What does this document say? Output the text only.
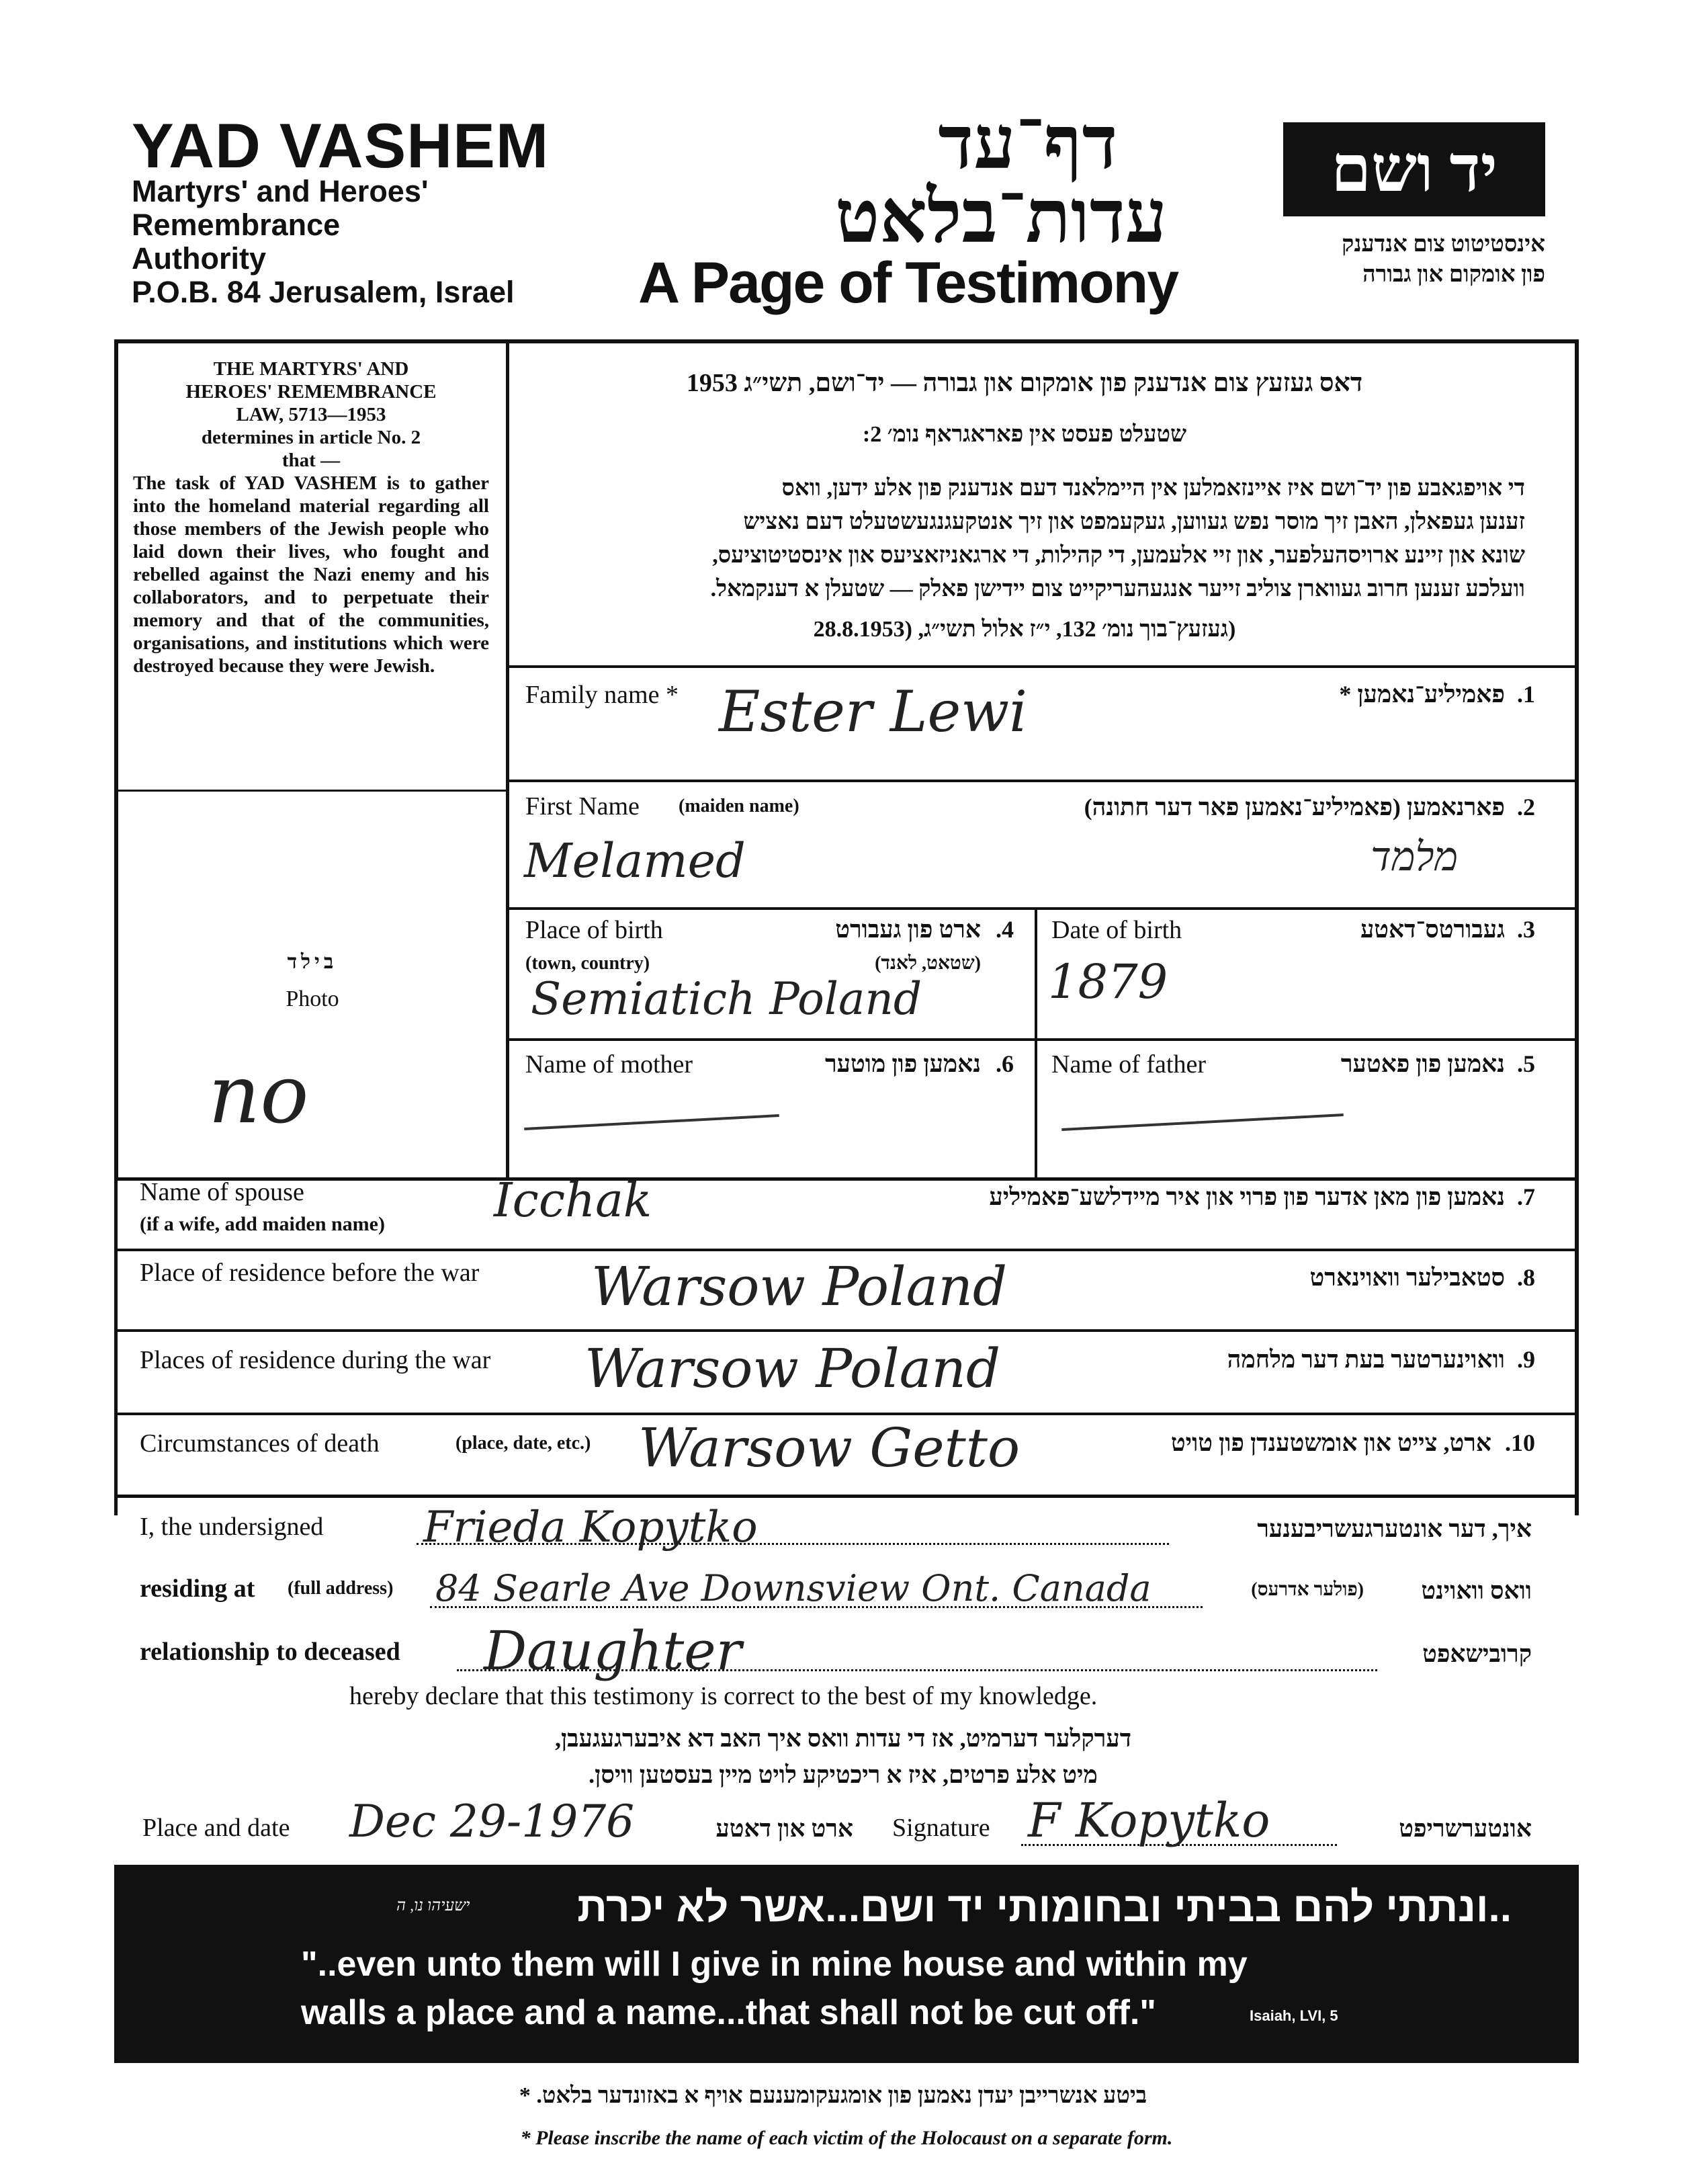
YAD VASHEM
Martyrs' and Heroes'
Remembrance
Authority
P.O.B. 84 Jerusalem, Israel
דף־עד
עדות־בלאט
A Page of Testimony
יד ושם
אינסטיטוט צום אנדענק
פון אומקום און גבורה
THE MARTYRS' AND
HEROES' REMEMBRANCE
LAW, 5713—1953
determines in article No. 2
that —
The task of YAD VASHEM is to gather into the homeland material regarding all those members of the Jewish people who laid down their lives, who fought and rebelled against the Nazi enemy and his collaborators, and to perpetuate their memory and that of the communities, organisations, and institutions which were destroyed because they were Jewish.
בילד
Photo
no
דאס געזעץ צום אנדענק פון אומקום און גבורה — יד־ושם, תשי״ג 1953
שטעלט פעסט אין פאראגראף נומ׳ 2:
די אויפגאבע פון יד־ושם איז איינזאמלען אין היימלאנד דעם אנדענק פון אלע ידען, וואס
זענען געפאלן, האבן זיך מוסר נפש געווען, געקעמפט און זיך אנטקעגנגעשטעלט דעם נאציש
שונא און זיינע ארויסהעלפער, און זיי אלעמען, די קהילות, די ארגאניזאציעס און אינסטיטוציעס,
וועלכע זענען חרוב געווארן צוליב זייער אנגעהעריקייט צום יידישן פאלק — שטעלן א דענקמאל.
(געזעץ־בוך נומ׳ 132, י״ז אלול תשי״ג, (28.8.1953
Family name *	פאמיליע־נאמען * .1
Ester Lewi
First Name (maiden name)	פארנאמען (פאמיליע־נאמען פאר דער חתונה) .2
Melamed	מלמד
Place of birth	ארט פון געבורט .4
(town, country)	(שטאט, לאנד)
Semiatich Poland
Date of birth	געבורטס־דאטע .3
1879
Name of mother	נאמען פון מוטער .6 Name of father	נאמען פון פאטער .5
Name of spouse
(if a wife, add maiden name)
נאמען פון מאן אדער פון פרוי און איר מיידלשע־פאמיליע .7
Icchak
Place of residence before the war	סטאבילער וואוינארט .8
Warsow Poland
Places of residence during the war	וואוינערטער בעת דער מלחמה .9
Warsow Poland
Circumstances of death	(place, date, etc.)	ארט, צייט און אומשטענדן פון טויט .10
Warsow Getto
I, the undersigned Frieda Kopytko	איך, דער אונטערגעשריבענער
residing at (full address) 84 Searle Ave Downsview Ont. Canada	(פולער אדרעס)	וואס וואוינט
relationship to deceased Daughter	קרובישאפט
hereby declare that this testimony is correct to the best of my knowledge.
דערקלער דערמיט, אז די עדות וואס איך האב דא איבערגעגעבן,
מיט אלע פרטים, איז א ריכטיקע לויט מיין בעסטען וויסן.
Place and date Dec 29-1976	ארט און דאטע Signature F Kopytko	אונטערשריפט
ישעיהו נו, ה	..ונתתי להם בביתי ובחומותי יד ושם...אשר לא יכרת
"..even unto them will I give in mine house and within my
walls a place and a name...that shall not be cut off."	Isaiah, LVI, 5
ביטע אנשרייבן יעדן נאמען פון אומגעקומענעם אויף א באזונדער בלאט. *
* Please inscribe the name of each victim of the Holocaust on a separate form.
